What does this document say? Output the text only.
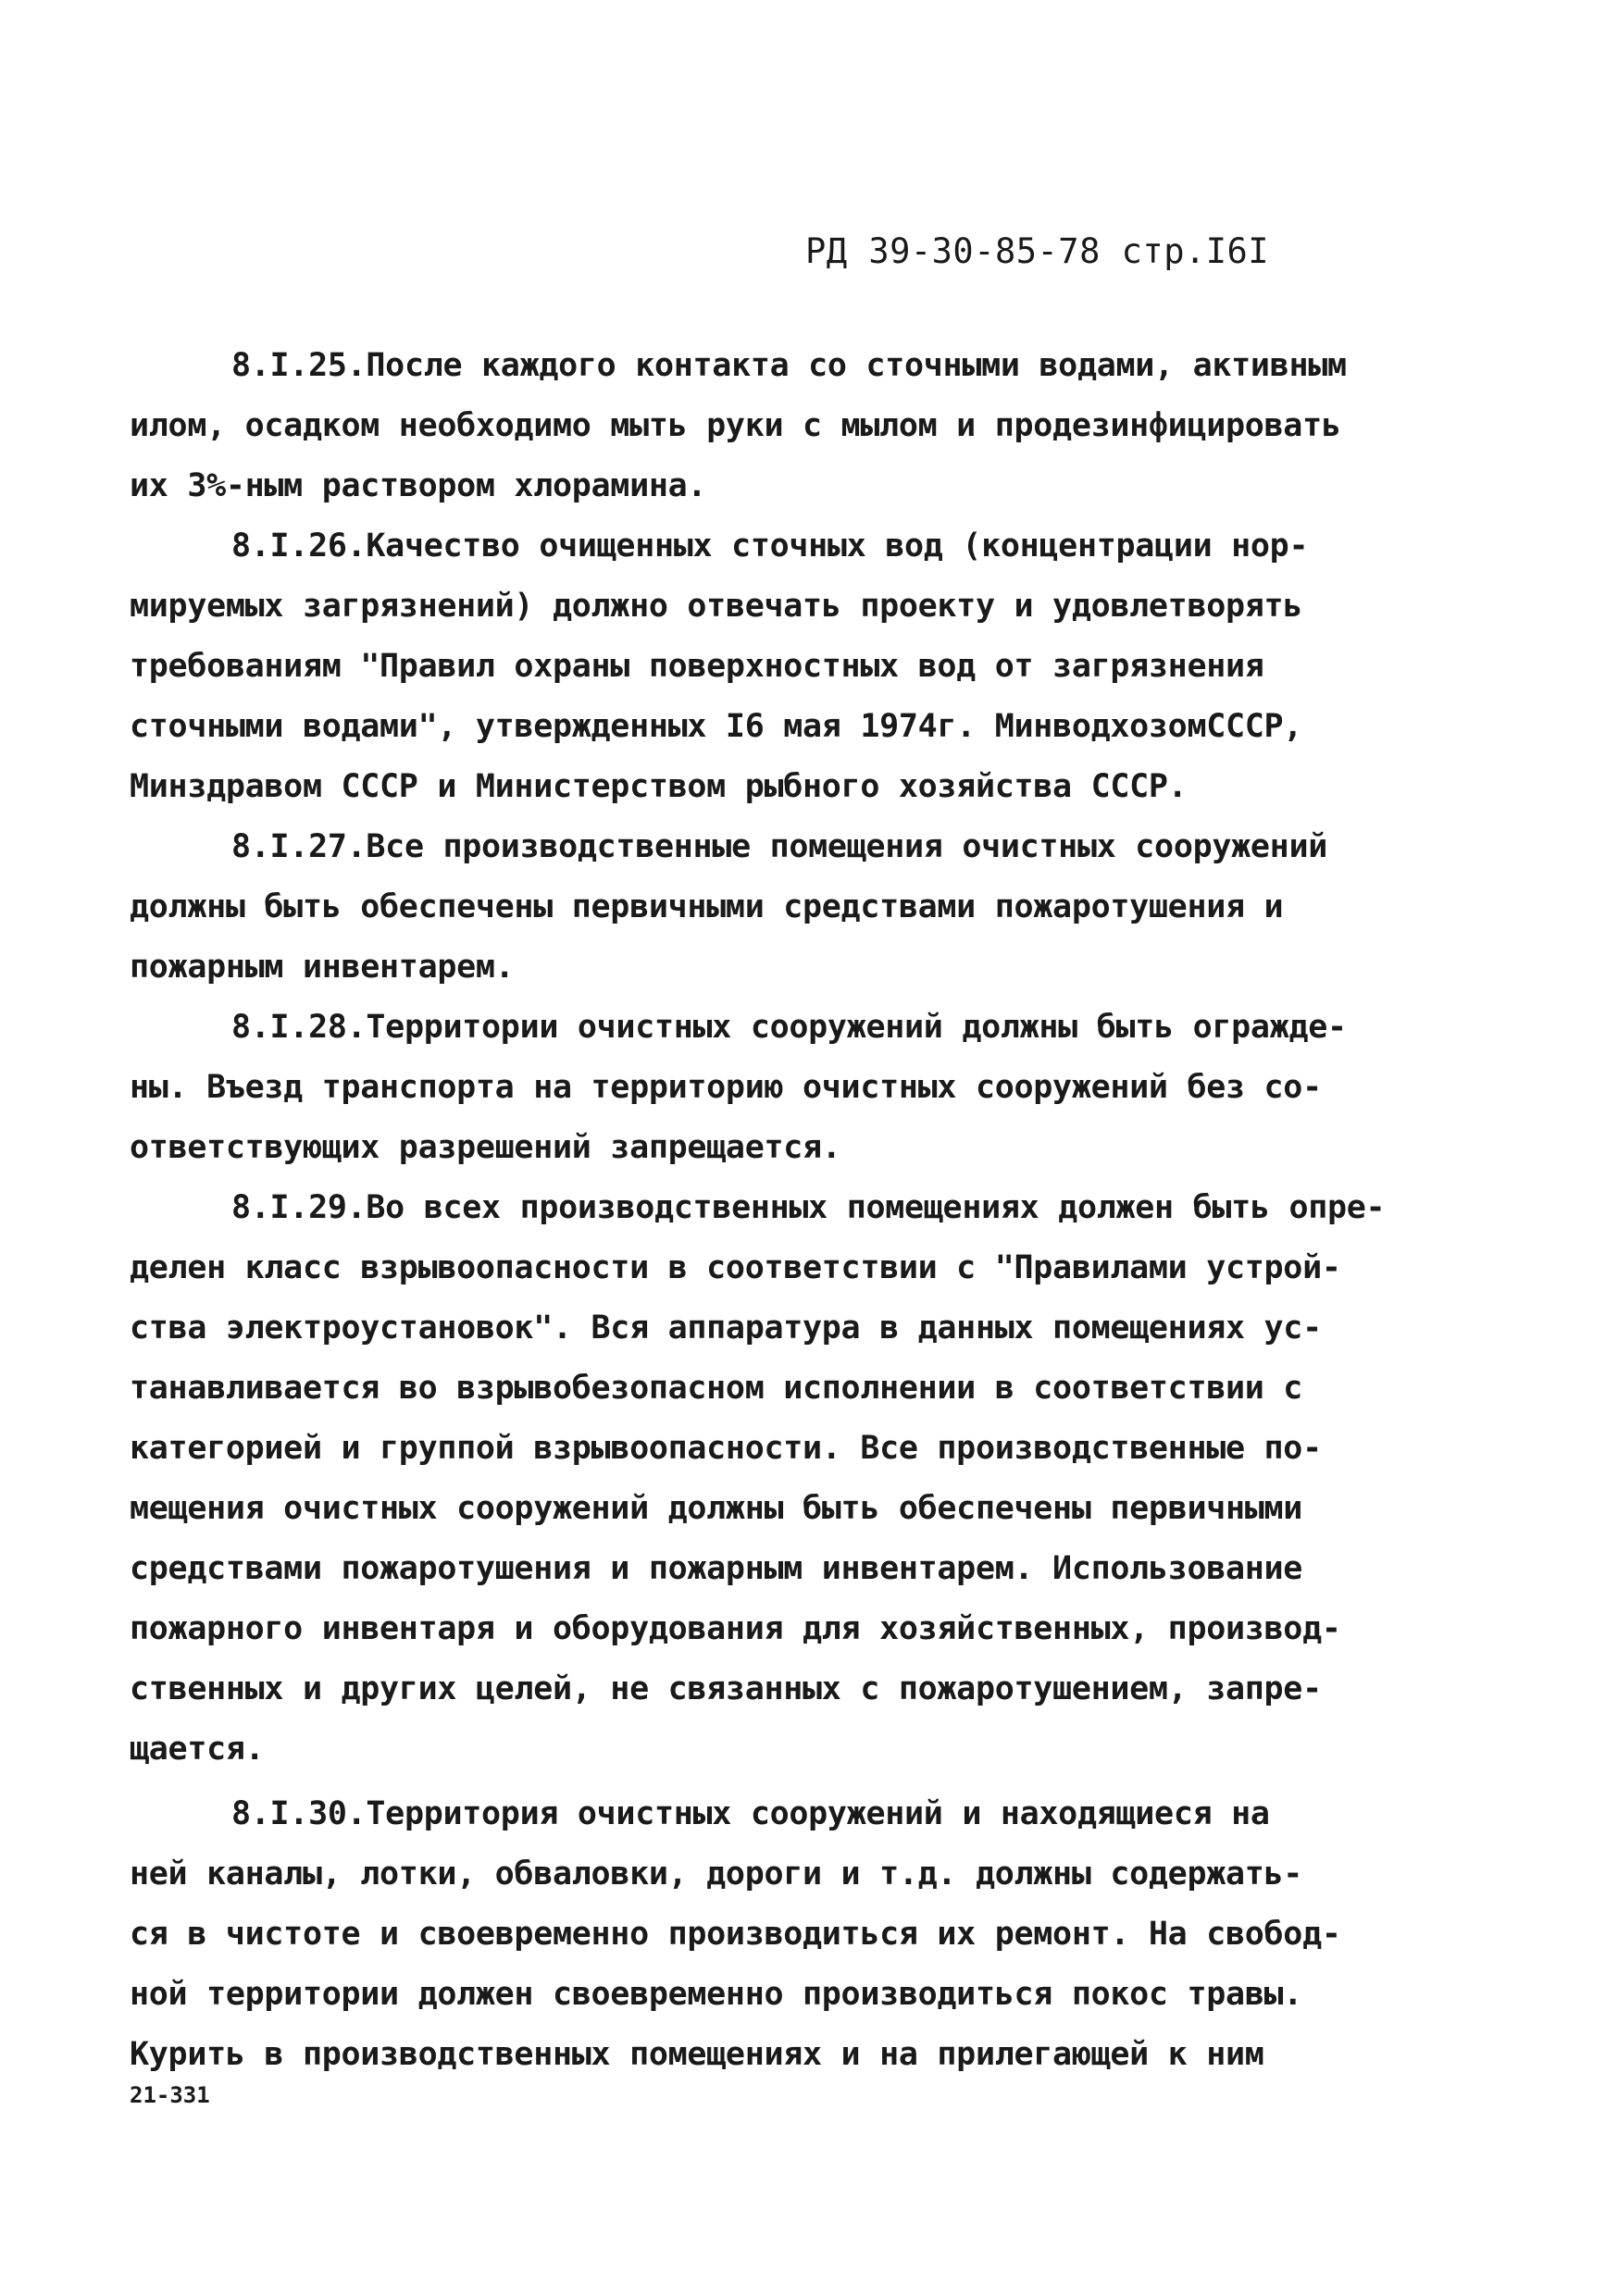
РД 39-30-85-78 стр.I6I
8.I.25.После каждого контакта со сточными водами, активным
илом, осадком необходимо мыть руки с мылом и продезинфицировать
их 3%-ным раствором хлорамина.
8.I.26.Качество очищенных сточных вод (концентрации нор-
мируемых загрязнений) должно отвечать проекту и удовлетворять
требованиям "Правил охраны поверхностных вод от загрязнения
сточными водами", утвержденных I6 мая 1974г. МинводхозомСССР,
Минздравом СССР и Министерством рыбного хозяйства СССР.
8.I.27.Все производственные помещения очистных сооружений
должны быть обеспечены первичными средствами пожаротушения и
пожарным инвентарем.
8.I.28.Территории очистных сооружений должны быть огражде-
ны. Въезд транспорта на территорию очистных сооружений без со-
ответствующих разрешений запрещается.
8.I.29.Во всех производственных помещениях должен быть опре-
делен класс взрывоопасности в соответствии с "Правилами устрой-
ства электроустановок". Вся аппаратура в данных помещениях ус-
танавливается во взрывобезопасном исполнении в соответствии с
категорией и группой взрывоопасности. Все производственные по-
мещения очистных сооружений должны быть обеспечены первичными
средствами пожаротушения и пожарным инвентарем. Использование
пожарного инвентаря и оборудования для хозяйственных, производ-
ственных и других целей, не связанных с пожаротушением, запре-
щается.
8.I.30.Территория очистных сооружений и находящиеся на
ней каналы, лотки, обваловки, дороги и т.д. должны содержать-
ся в чистоте и своевременно производиться их ремонт. На свобод-
ной территории должен своевременно производиться покос травы.
Курить в производственных помещениях и на прилегающей к ним
21-331
